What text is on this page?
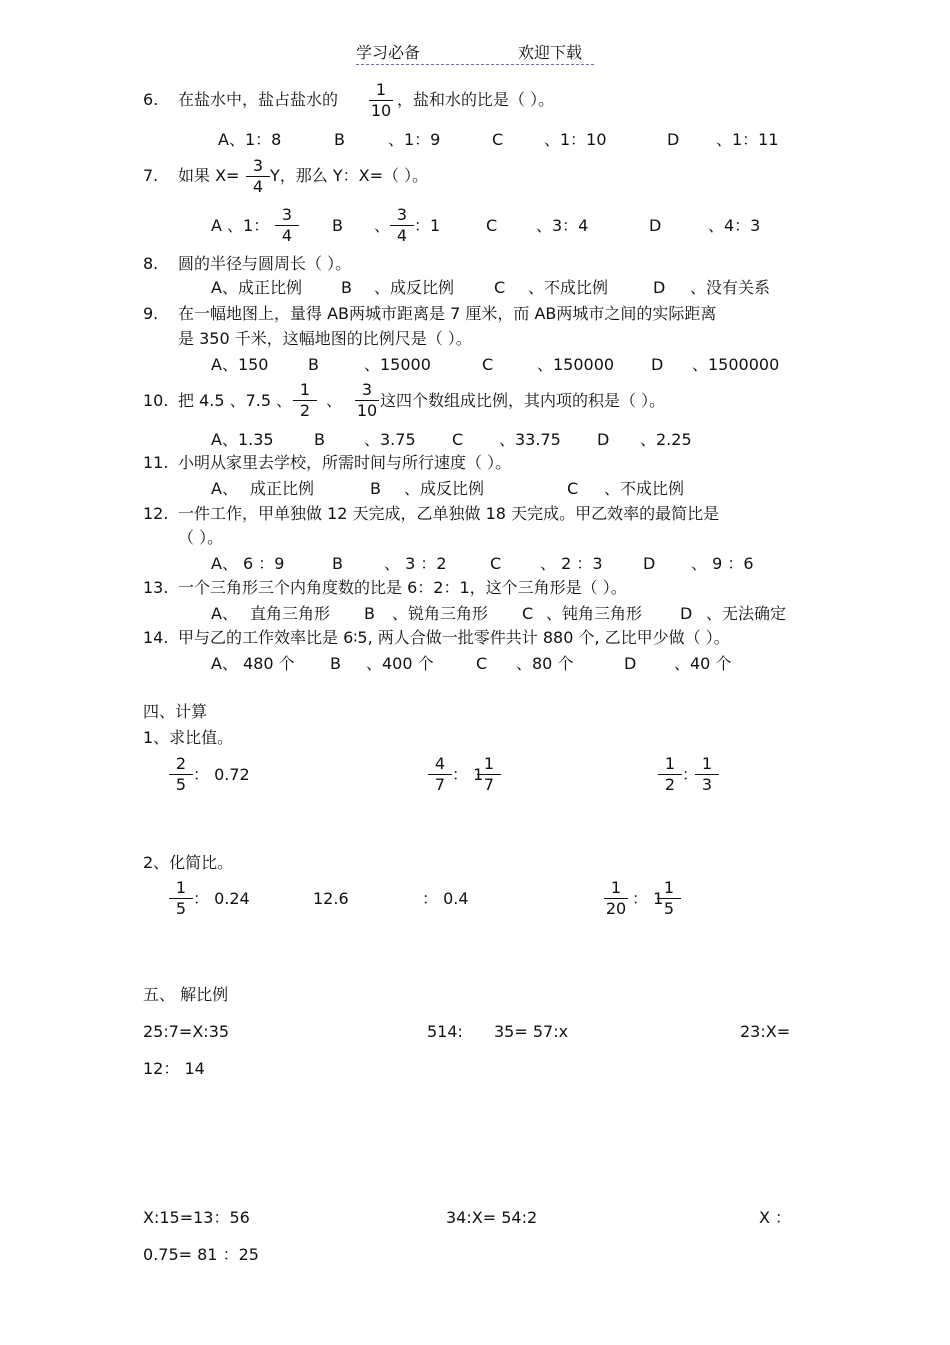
学习必备	欢迎下载
6. 在盐水中，盐占盐水的
1
10
，盐和水的比是（ ）。
A、1：8	B	、1：9	C	、1：10	D 、1：11
7. 如果 X=
3
4
Y，那么 Y：X=（ ）。
A 、1：
3
4
B 、
3
4
：1	C 、3：4	D	、4：3
8. 圆的半径与圆周长（ ）。
A、成正比例 B 、成反比例 C 、不成比例	D 、没有关系
9. 在一幅地图上，量得 AB两城市距离是 7 厘米，而 AB两城市之间的实际距离
是 350 千米，这幅地图的比例尺是（ ）。
A、150 B	、15000	C	、150000 D 、1500000
10. 把 4.5 、7.5 、
1
2
、
3
10
这四个数组成比例，其内项的积是（ ）。
A、1.35	B 、3.75 C 、33.75 D 、2.25
11. 小明从家里去学校，所需时间与所行速度（ ）。
A、 成正比例	B 、成反比例	C 、不成比例
12. 一件工作，甲单独做 12 天完成，乙单独做 18 天完成。甲乙效率的最简比是
（ ）。
A、 6 ：9	B	、 3 ：2	C 、 2 ：3	D 、 9 ：6
13. 一个三角形三个内角度数的比是 6：2：1，这个三角形是（ ）。
A、 直角三角形 B 、锐角三角形 C 、钝角三角形 D 、无法确定
14. 甲与乙的工作效率比是 6∶5, 两人合做一批零件共计 880 个, 乙比甲少做（ ）。
A、 480 个 B 、400 个	C 、80 个	D 、40 个
四、计算
1、求比值。
2
5
： 0.72
4
7
： 1
1
7
1
2
：
1
3
2、化简比。
1
5
： 0.24	12.6	： 0.4
1
20
： 1
1
5
五、 解比例
25:7=X:35	514: 35= 57:x	23:X=
12： 14
X:15=13：56	34:X= 54:2	X ：
0.75= 81 ：25
